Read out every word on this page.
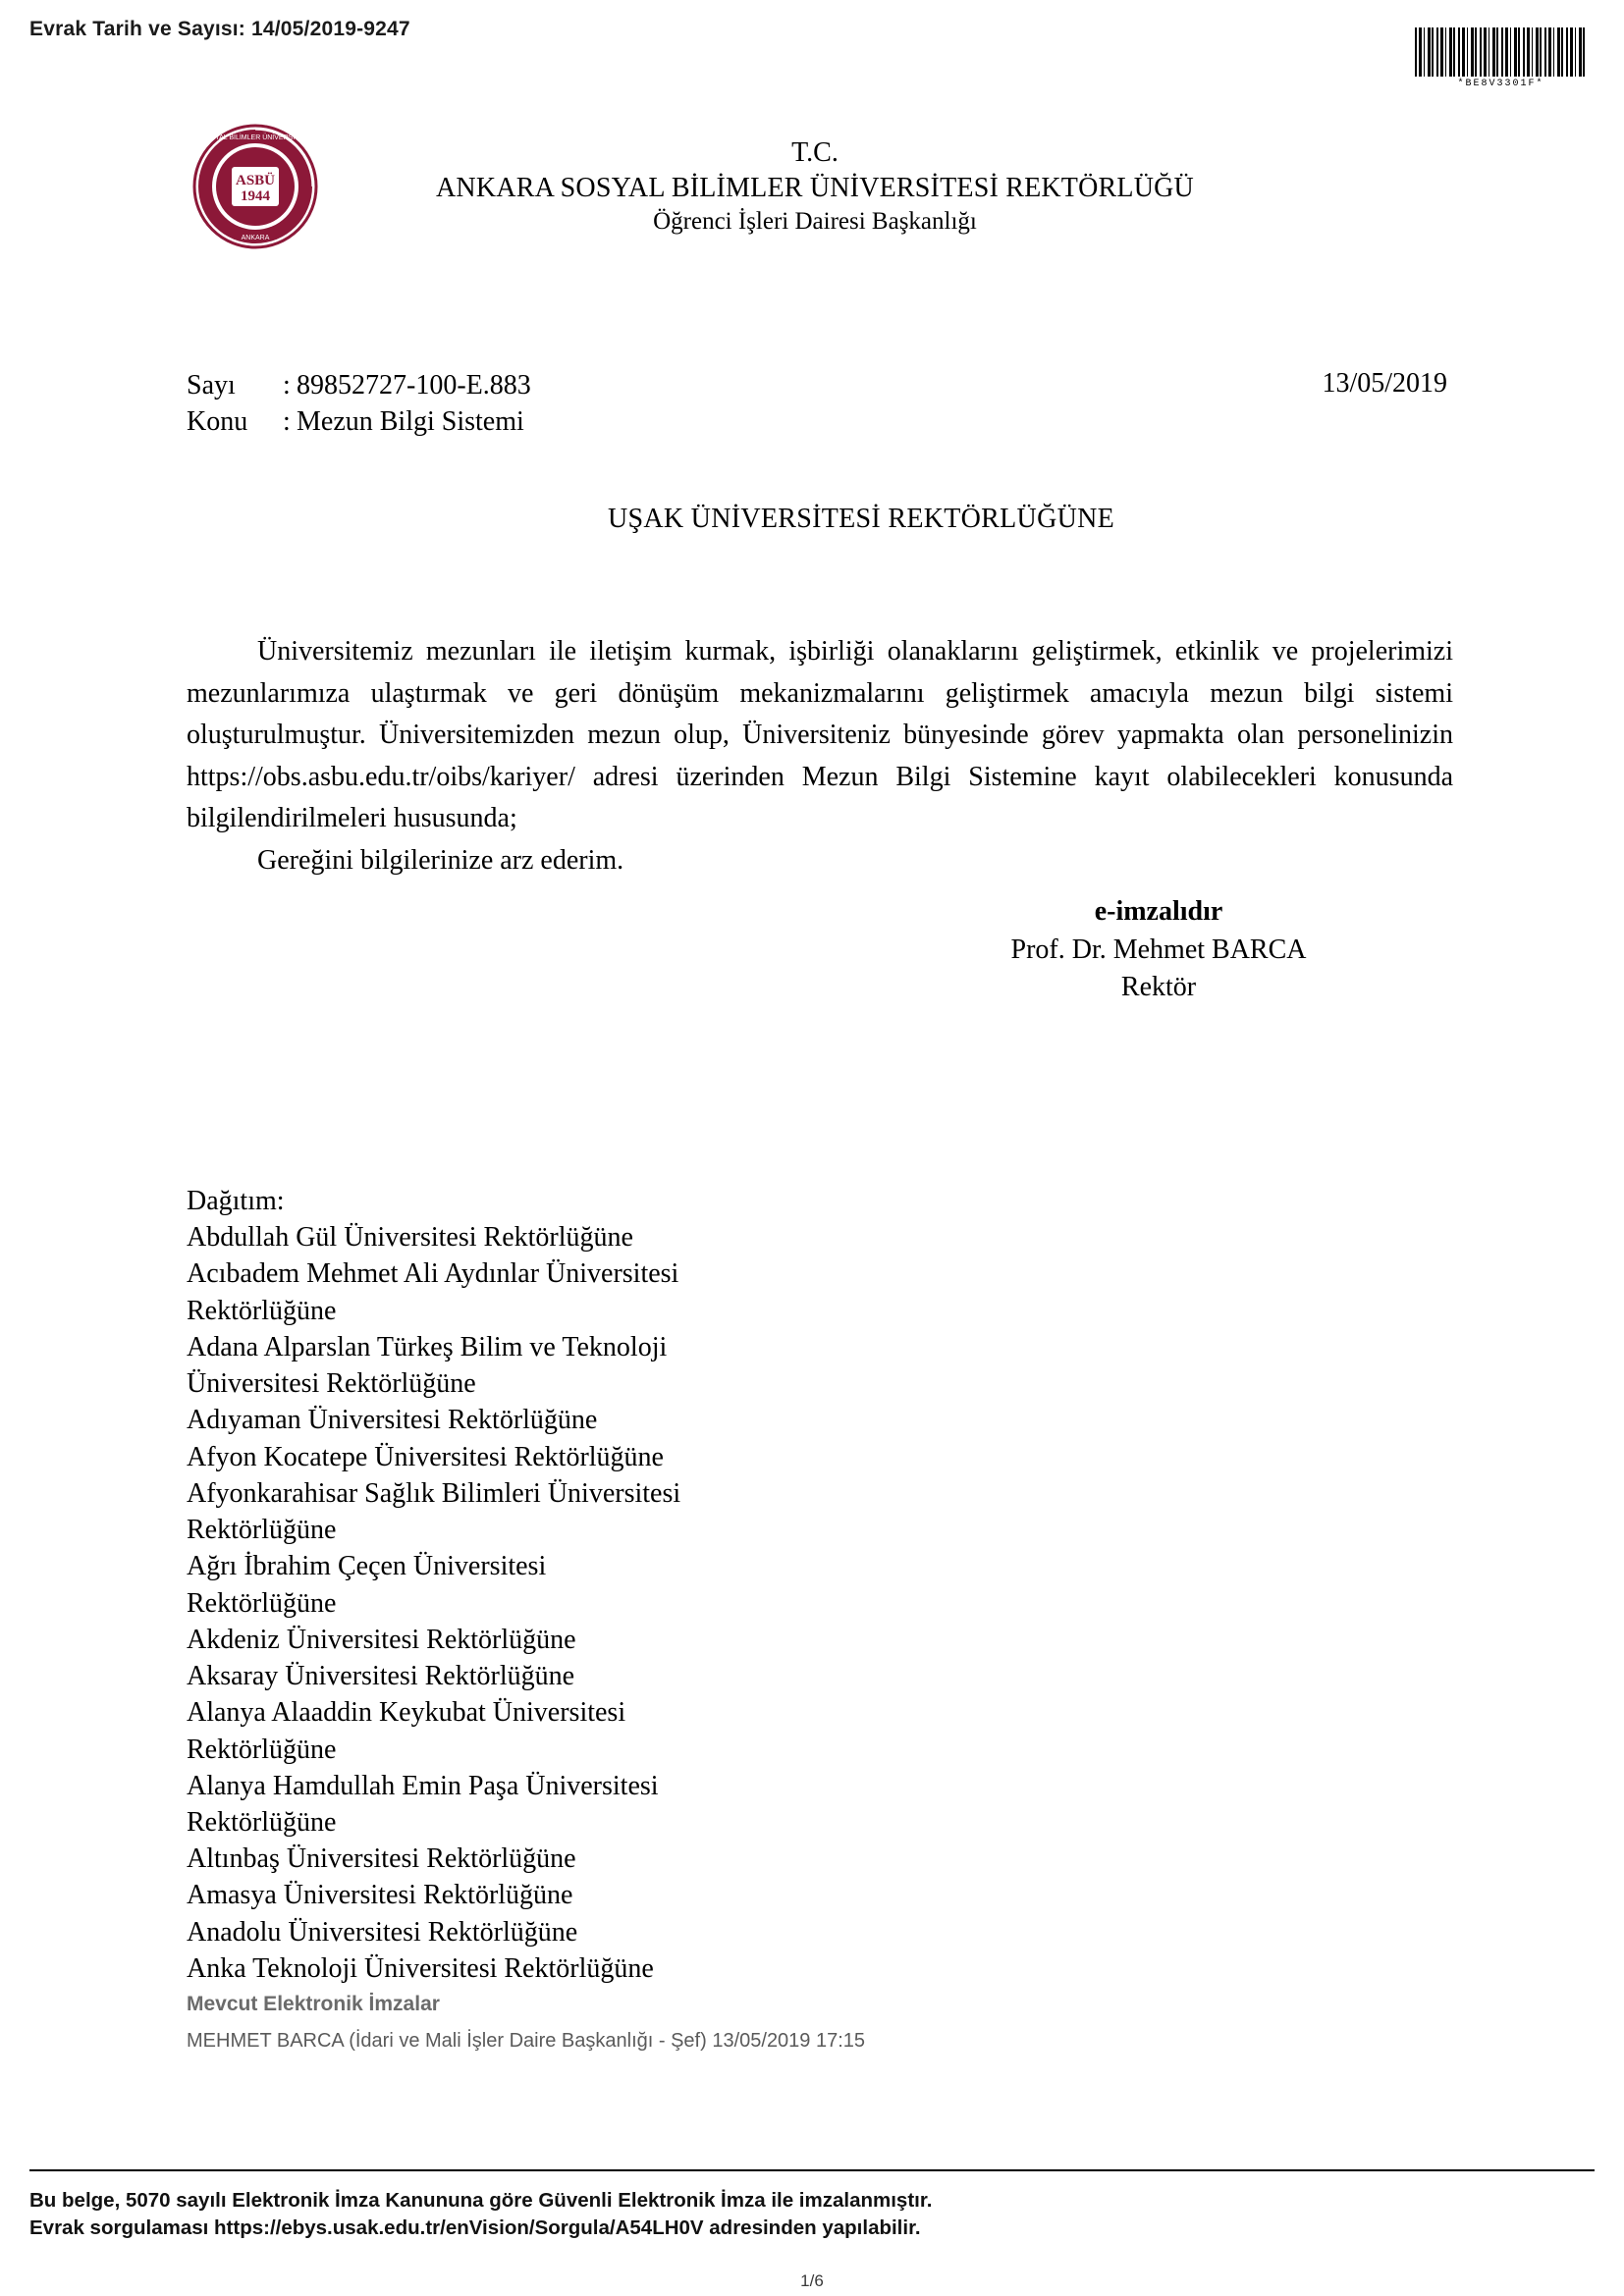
Evrak Tarih ve Sayısı: 14/05/2019-9247
*BE8V3301F*
ASBÜ
1944
SOSYAL BİLİMLER ÜNİVERSİTESİ
ANKARA
T.C.
ANKARA SOSYAL BİLİMLER ÜNİVERSİTESİ REKTÖRLÜĞÜ
Öğrenci İşleri Dairesi Başkanlığı
Sayı	: 89852727-100-E.883
Konu	: Mezun Bilgi Sistemi
13/05/2019
UŞAK ÜNİVERSİTESİ REKTÖRLÜĞÜNE

Üniversitemiz mezunları ile iletişim kurmak, işbirliği olanaklarını geliştirmek, etkinlik ve projelerimizi mezunlarımıza ulaştırmak ve geri dönüşüm mekanizmalarını geliştirmek amacıyla mezun bilgi sistemi oluşturulmuştur. Üniversitemizden mezun olup, Üniversiteniz bünyesinde görev yapmakta olan personelinizin https://obs.asbu.edu.tr/oibs/kariyer/ adresi üzerinden Mezun Bilgi Sistemine kayıt olabilecekleri konusunda bilgilendirilmeleri hususunda;

Gereğini bilgilerinize arz ederim.

e-imzalıdır
Prof. Dr. Mehmet BARCA
Rektör
Dağıtım:
Abdullah Gül Üniversitesi Rektörlüğüne
Acıbadem Mehmet Ali Aydınlar Üniversitesi
Rektörlüğüne
Adana Alparslan Türkeş Bilim ve Teknoloji
Üniversitesi Rektörlüğüne
Adıyaman Üniversitesi Rektörlüğüne
Afyon Kocatepe Üniversitesi Rektörlüğüne
Afyonkarahisar Sağlık Bilimleri Üniversitesi
Rektörlüğüne
Ağrı İbrahim Çeçen Üniversitesi
Rektörlüğüne
Akdeniz Üniversitesi Rektörlüğüne
Aksaray Üniversitesi Rektörlüğüne
Alanya Alaaddin Keykubat Üniversitesi
Rektörlüğüne
Alanya Hamdullah Emin Paşa Üniversitesi
Rektörlüğüne
Altınbaş Üniversitesi Rektörlüğüne
Amasya Üniversitesi Rektörlüğüne
Anadolu Üniversitesi Rektörlüğüne
Anka Teknoloji Üniversitesi Rektörlüğüne
Mevcut Elektronik İmzalar
MEHMET BARCA (İdari ve Mali İşler Daire Başkanlığı - Şef) 13/05/2019 17:15
Bu belge, 5070 sayılı Elektronik İmza Kanununa göre Güvenli Elektronik İmza ile imzalanmıştır.
Evrak sorgulaması https://ebys.usak.edu.tr/enVision/Sorgula/A54LH0V adresinden yapılabilir.
1/6
